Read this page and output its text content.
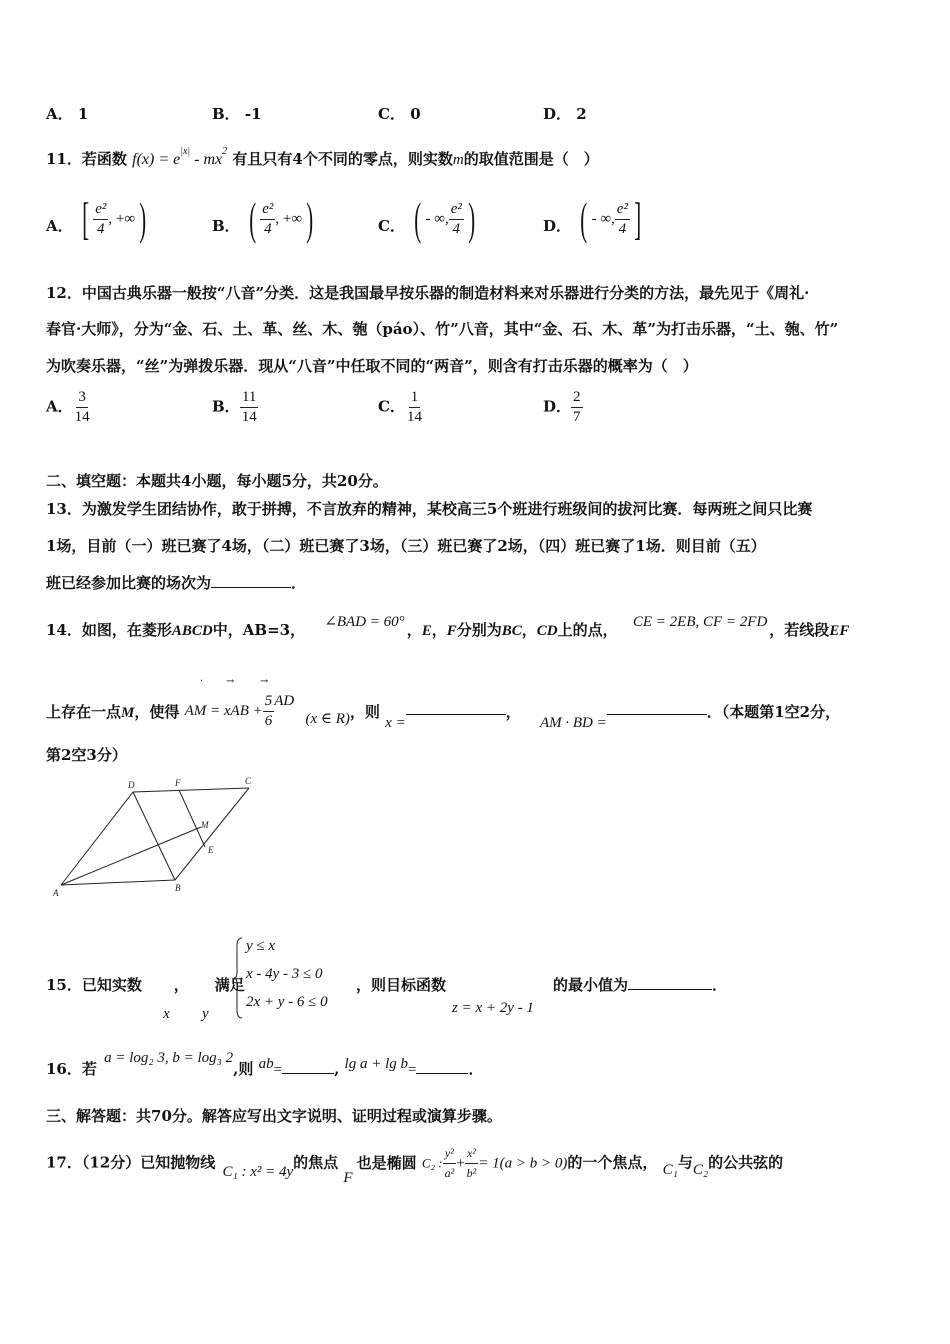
A． 1	B． -1	C． 0	D． 2
11．若函数 $f(x) = e^{|x|} - mx^2$ 有且只有4个不同的零点，则实数m的取值范围是（　）
A． [ $\frac{\text{e²}}{4}$ , +∞ )	B． ( $\frac{\text{e²}}{4}$ , +∞ )	C． ( - ∞, $\frac{\text{e²}}{4}$ )	D． ( - ∞, $\frac{\text{e²}}{4}$ ]
12．中国古典乐器一般按“八音”分类．这是我国最早按乐器的制造材料来对乐器进行分类的方法，最先见于《周礼·
春官·大师》，分为“金、石、土、革、丝、木、匏（páo）、竹”八音，其中“金、石、木、革”为打击乐器，“土、匏、竹”
为吹奏乐器，“丝”为弹拨乐器．现从“八音”中任取不同的“两音”，则含有打击乐器的概率为（　）
A． $\frac{3}{14}$	B． $\frac{11}{14}$	C． $\frac{1}{14}$	D． $\frac{2}{7}$
二、填空题：本题共4小题，每小题5分，共20分。
13．为激发学生团结协作，敢于拼搏，不言放弃的精神，某校高三5个班进行班级间的拔河比赛．每两班之间只比赛
1场，目前（一）班已赛了4场，（二）班已赛了3场，（三）班已赛了2场，（四）班已赛了1场．则目前（五）
班已经参加比赛的场次为	．
14．如图，在菱形ABCD中，AB=3， ∠BAD = 60° ，E，F分别为BC，CD上的点， CE = 2EB, CF = 2FD ，若线段EF
上存在一点M，使得 AM = xAB + $\frac{5}{6}$ AD (x ∈ R)，则 x =， AM · BD =．（本题第1空2分，
· →	→
第2空3分）
A	B
C
D
E
F
M
15．已知实数 x， y满足
y ≤ x
x - 4y - 3 ≤ 0
2x + y - 6 ≤ 0
，则目标函数
z = x + 2y - 1
的最小值为	．
16．若 a = log₂ 3, b = log₃ 2,则 ab=	, lg a + lg b=	．
三、解答题：共70分。解答应写出文字说明、证明过程或演算步骤。
17．（12分）已知抛物线 C₁ : x² = 4y的焦点 F也是椭圆 C₂ : $\frac{\text{y²}}{\text{a²}} + \frac{\text{x²}}{\text{b²}} = 1(a > b > 0)$的一个焦点， C₁与C₂的公共弦的
